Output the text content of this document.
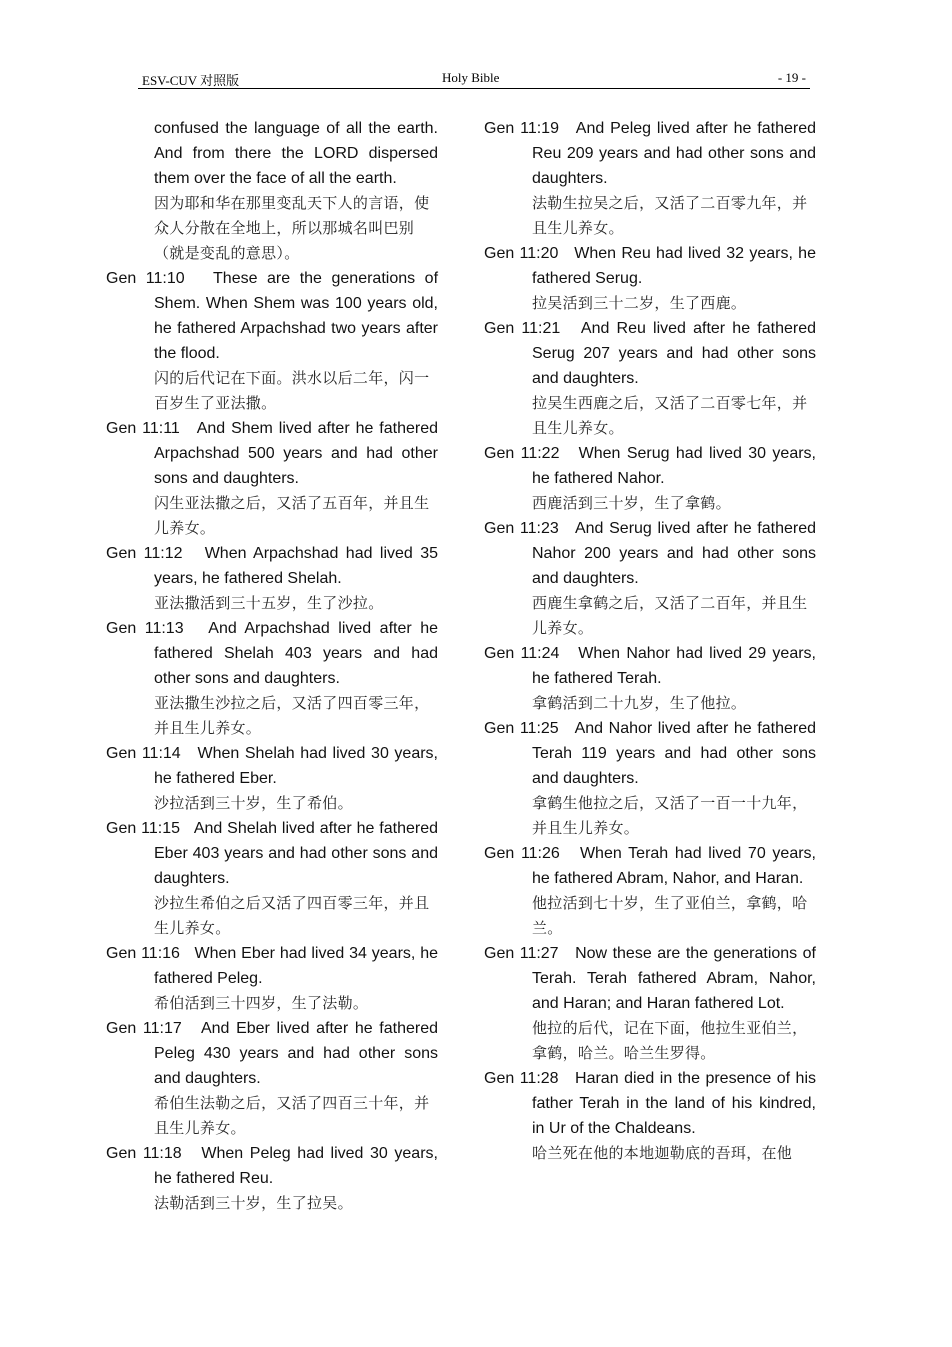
ESV-CUV 对照版	Holy Bible	- 19 -

confused the language of all the earth. And from there the LORD dispersed them over the face of all the earth.

因为耶和华在那里变乱天下人的言语，使众人分散在全地上，所以那城名叫巴别（就是变乱的意思）。

Gen 11:10 These are the generations of Shem. When Shem was 100 years old, he fathered Arpachshad two years after the flood.

闪的后代记在下面。洪水以后二年，闪一百岁生了亚法撒。

Gen 11:11 And Shem lived after he fathered Arpachshad 500 years and had other sons and daughters.

闪生亚法撒之后，又活了五百年，并且生儿养女。

Gen 11:12 When Arpachshad had lived 35 years, he fathered Shelah.

亚法撒活到三十五岁，生了沙拉。

Gen 11:13 And Arpachshad lived after he fathered Shelah 403 years and had other sons and daughters.

亚法撒生沙拉之后，又活了四百零三年，并且生儿养女。

Gen 11:14 When Shelah had lived 30 years, he fathered Eber.

沙拉活到三十岁，生了希伯。

Gen 11:15 And Shelah lived after he fathered Eber 403 years and had other sons and daughters.

沙拉生希伯之后又活了四百零三年，并且生儿养女。

Gen 11:16 When Eber had lived 34 years, he fathered Peleg.

希伯活到三十四岁，生了法勒。

Gen 11:17 And Eber lived after he fathered Peleg 430 years and had other sons and daughters.

希伯生法勒之后，又活了四百三十年，并且生儿养女。

Gen 11:18 When Peleg had lived 30 years, he fathered Reu.

法勒活到三十岁，生了拉吴。

Gen 11:19 And Peleg lived after he fathered Reu 209 years and had other sons and daughters.

法勒生拉吴之后，又活了二百零九年，并且生儿养女。

Gen 11:20 When Reu had lived 32 years, he fathered Serug.

拉吴活到三十二岁，生了西鹿。

Gen 11:21 And Reu lived after he fathered Serug 207 years and had other sons and daughters.

拉吴生西鹿之后，又活了二百零七年，并且生儿养女。

Gen 11:22 When Serug had lived 30 years, he fathered Nahor.

西鹿活到三十岁，生了拿鹤。

Gen 11:23 And Serug lived after he fathered Nahor 200 years and had other sons and daughters.

西鹿生拿鹤之后，又活了二百年，并且生儿养女。

Gen 11:24 When Nahor had lived 29 years, he fathered Terah.

拿鹤活到二十九岁，生了他拉。

Gen 11:25 And Nahor lived after he fathered Terah 119 years and had other sons and daughters.

拿鹤生他拉之后，又活了一百一十九年，并且生儿养女。

Gen 11:26 When Terah had lived 70 years, he fathered Abram, Nahor, and Haran.

他拉活到七十岁，生了亚伯兰，拿鹤，哈兰。

Gen 11:27 Now these are the generations of Terah. Terah fathered Abram, Nahor, and Haran; and Haran fathered Lot.

他拉的后代，记在下面，他拉生亚伯兰，拿鹤，哈兰。哈兰生罗得。

Gen 11:28 Haran died in the presence of his father Terah in the land of his kindred, in Ur of the Chaldeans.

哈兰死在他的本地迦勒底的吾珥，在他
